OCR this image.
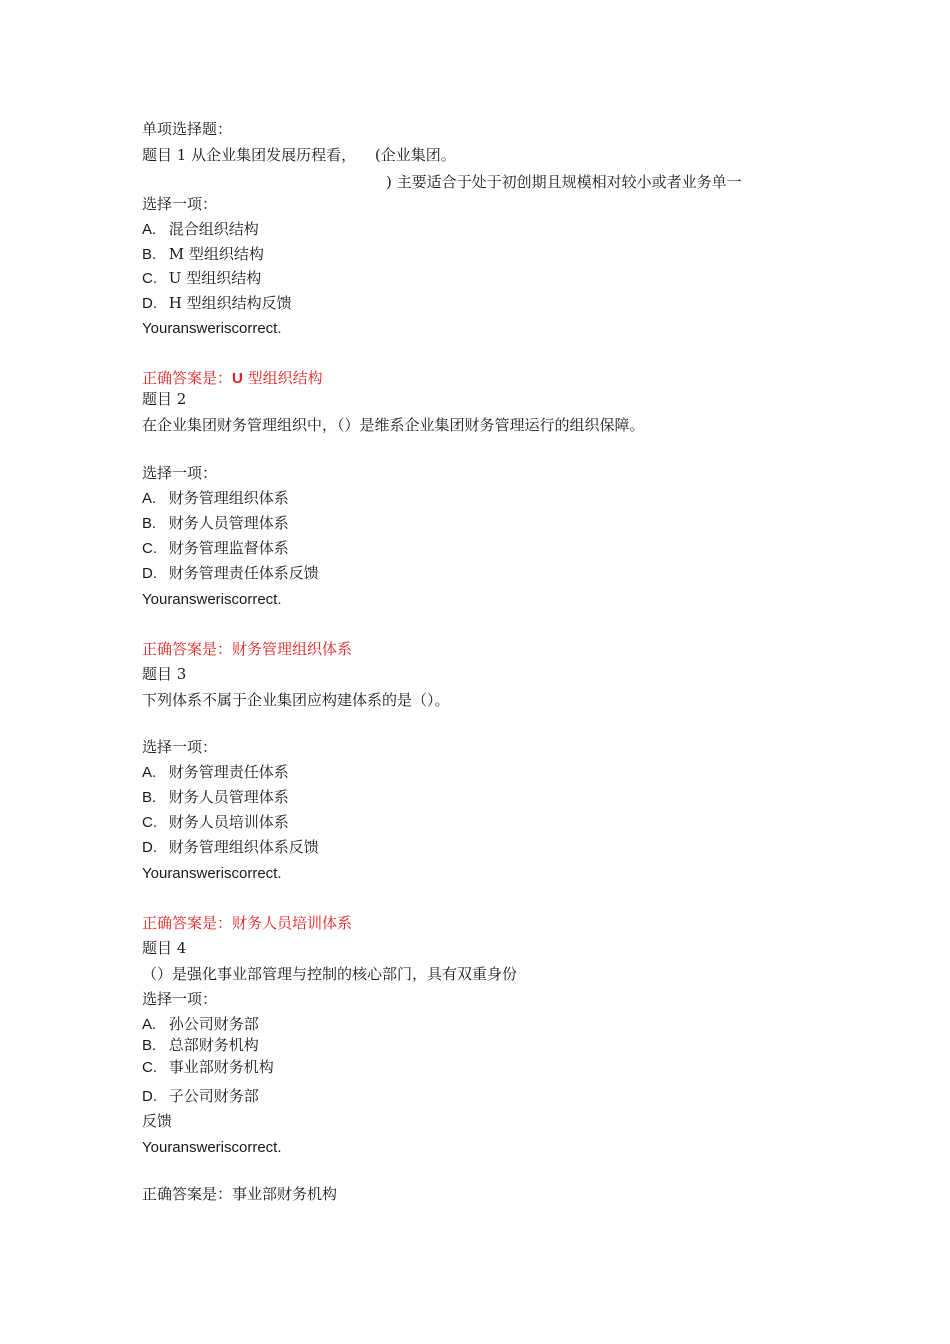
单项选择题：
题目 1 从企业集团发展历程看， (企业集团。
) 主要适合于处于初创期且规模相对较小或者业务单一
选择一项：
A. 混合组织结构
B. M 型组织结构
C. U 型组织结构
D. H 型组织结构反馈
Youransweriscorrect.
正确答案是：U 型组织结构
题目 2
在企业集团财务管理组织中，（）是维系企业集团财务管理运行的组织保障。
选择一项：
A. 财务管理组织体系
B. 财务人员管理体系
C. 财务管理监督体系
D. 财务管理责任体系反馈
Youransweriscorrect.
正确答案是：财务管理组织体系
题目 3
下列体系不属于企业集团应构建体系的是（）。
选择一项：
A. 财务管理责任体系
B. 财务人员管理体系
C. 财务人员培训体系
D. 财务管理组织体系反馈
Youransweriscorrect.
正确答案是：财务人员培训体系
题目 4
（）是强化事业部管理与控制的核心部门，具有双重身份
选择一项：
A. 孙公司财务部
B. 总部财务机构
C. 事业部财务机构
D. 子公司财务部
反馈
Youransweriscorrect.
正确答案是：事业部财务机构
